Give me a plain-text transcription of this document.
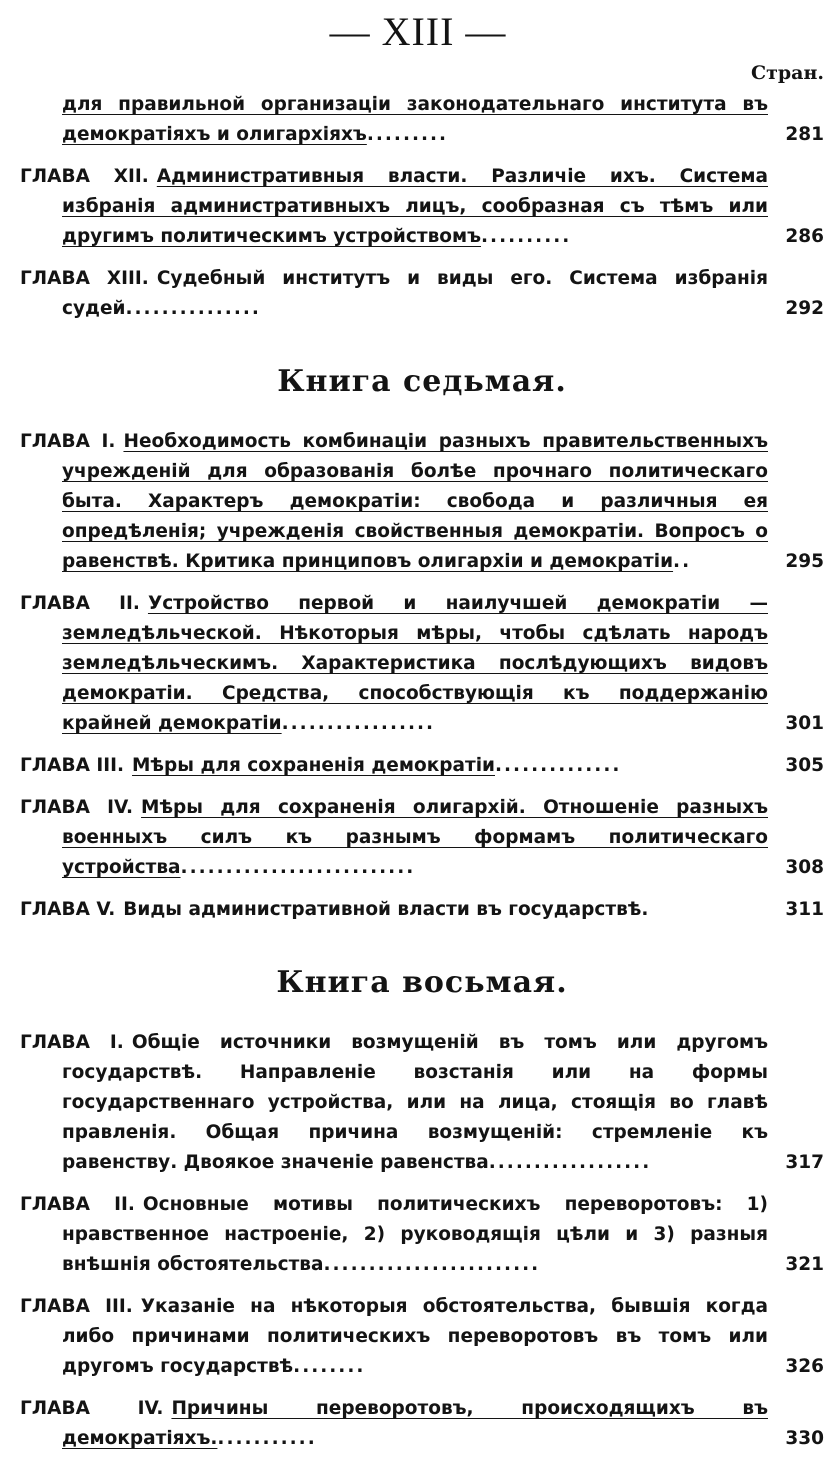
— XIII —
Стран.
для правильной организаціи законодательнаго института въ демократіяхъ и олигархіяхъ.........	281
ГЛАВА XII. Административныя власти. Различіе ихъ. Система избранія административныхъ лицъ, сообразная съ тѣмъ или другимъ политическимъ устройствомъ..........	286
ГЛАВА XIII. Судебный институтъ и виды его. Система избранія судей...............	292
Книга седьмая.
ГЛАВА I. Необходимость комбинаціи разныхъ правительственныхъ учрежденій для образованія болѣе прочнаго политическаго быта. Характеръ демократіи: свобода и различныя ея опредѣленія; учрежденія свойственныя демократіи. Вопросъ о равенствѣ. Критика принциповъ олигархіи и демократіи..	295
ГЛАВА II. Устройство первой и наилучшей демократіи — земледѣльческой. Нѣкоторыя мѣры, чтобы сдѣлать народъ земледѣльческимъ. Характеристика послѣдующихъ видовъ демократіи. Средства, способствующія къ поддержанію крайней демократіи.................	301
ГЛАВА III. Мѣры для сохраненія демократіи..............	305
ГЛАВА IV. Мѣры для сохраненія олигархій. Отношеніе разныхъ военныхъ силъ къ разнымъ формамъ политическаго устройства..........................	308
ГЛАВА V. Виды административной власти въ государствѣ.	311
Книга восьмая.
ГЛАВА I. Общіе источники возмущеній въ томъ или другомъ государствѣ. Направленіе возстанія или на формы государственнаго устройства, или на лица, стоящія во главѣ правленія. Общая причина возмущеній: стремленіе къ равенству. Двоякое значеніе равенства..................	317
ГЛАВА II. Основные мотивы политическихъ переворотовъ: 1) нравственное настроеніе, 2) руководящія цѣли и 3) разныя внѣшнія обстоятельства........................	321
ГЛАВА III. Указаніе на нѣкоторыя обстоятельства, бывшія когда либо причинами политическихъ переворотовъ въ томъ или другомъ государствѣ........	326
ГЛАВА IV. Причины переворотовъ, происходящихъ въ демократіяхъ............	330
